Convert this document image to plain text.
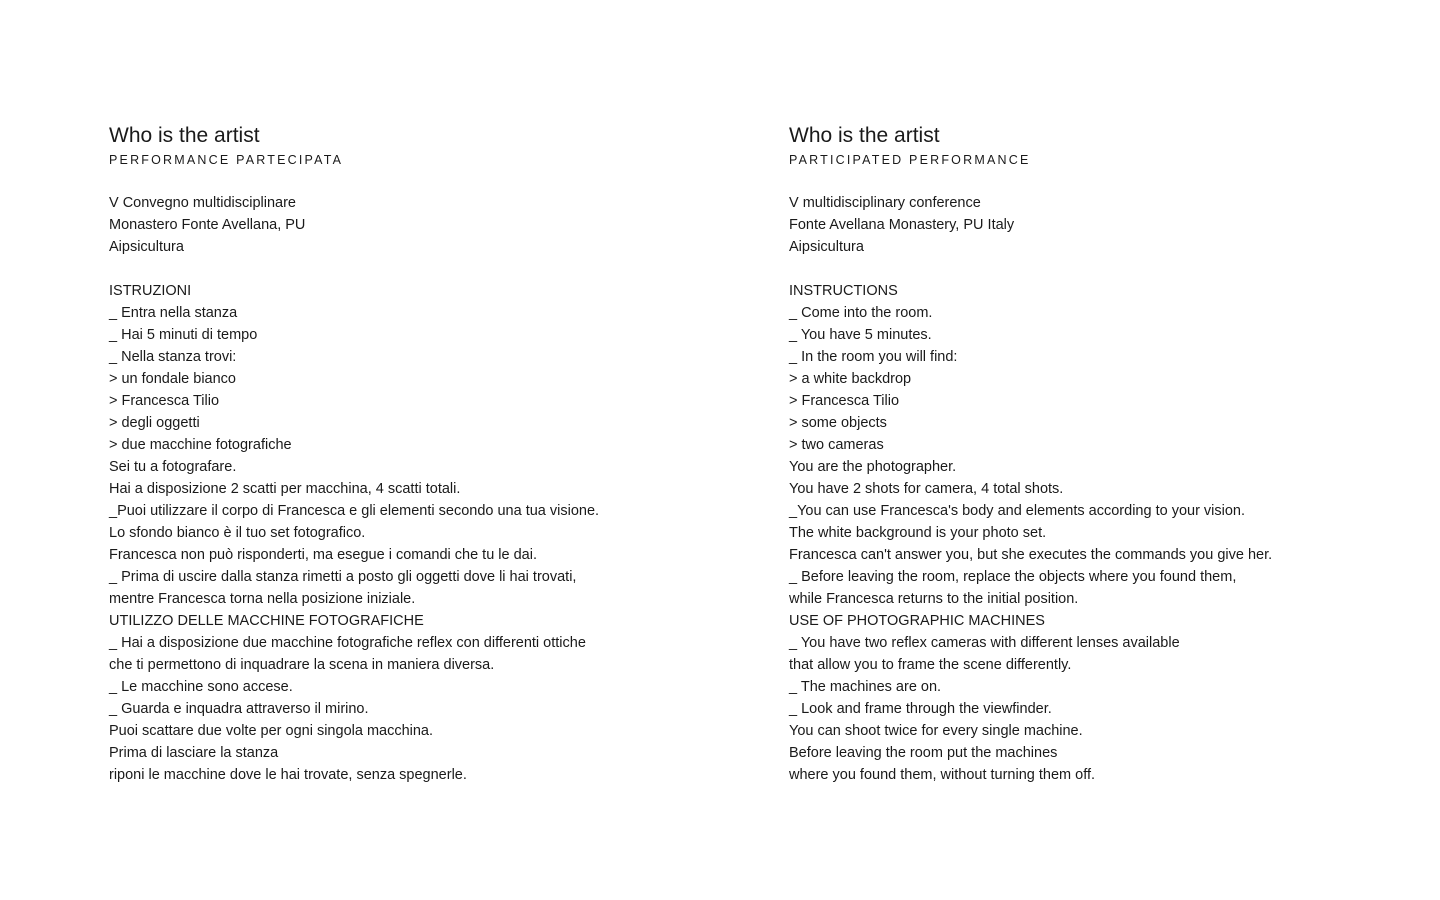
Who is the artist

PERFORMANCE PARTECIPATA

V Convegno multidisciplinare
Monastero Fonte Avellana, PU
Aipsicultura
ISTRUZIONI
_ Entra nella stanza
_ Hai 5 minuti di tempo
_ Nella stanza trovi:
> un fondale bianco
> Francesca Tilio
> degli oggetti
> due macchine fotografiche
Sei tu a fotografare.
Hai a disposizione 2 scatti per macchina, 4 scatti totali.
_Puoi utilizzare il corpo di Francesca e gli elementi secondo una tua visione.
Lo sfondo bianco è il tuo set fotografico.
Francesca non può risponderti, ma esegue i comandi che tu le dai.
_ Prima di uscire dalla stanza rimetti a posto gli oggetti dove li hai trovati,
mentre Francesca torna nella posizione iniziale.
UTILIZZO DELLE MACCHINE FOTOGRAFICHE
_ Hai a disposizione due macchine fotografiche reflex con differenti ottiche
che ti permettono di inquadrare la scena in maniera diversa.
_ Le macchine sono accese.
_ Guarda e inquadra attraverso il mirino.
Puoi scattare due volte per ogni singola macchina.
Prima di lasciare la stanza
riponi le macchine dove le hai trovate, senza spegnerle.
Who is the artist

PARTICIPATED PERFORMANCE

V multidisciplinary conference
Fonte Avellana Monastery, PU Italy
Aipsicultura
INSTRUCTIONS
_ Come into the room.
_ You have 5 minutes.
_ In the room you will find:
> a white backdrop
> Francesca Tilio
> some objects
> two cameras
You are the photographer.
You have 2 shots for camera, 4 total shots.
_You can use Francesca's body and elements according to your vision.
The white background is your photo set.
Francesca can't answer you, but she executes the commands you give her.
_ Before leaving the room, replace the objects where you found them,
while Francesca returns to the initial position.
USE OF PHOTOGRAPHIC MACHINES
_ You have two reflex cameras with different lenses available
that allow you to frame the scene differently.
_ The machines are on.
_ Look and frame through the viewfinder.
You can shoot twice for every single machine.
Before leaving the room put the machines
where you found them, without turning them off.
